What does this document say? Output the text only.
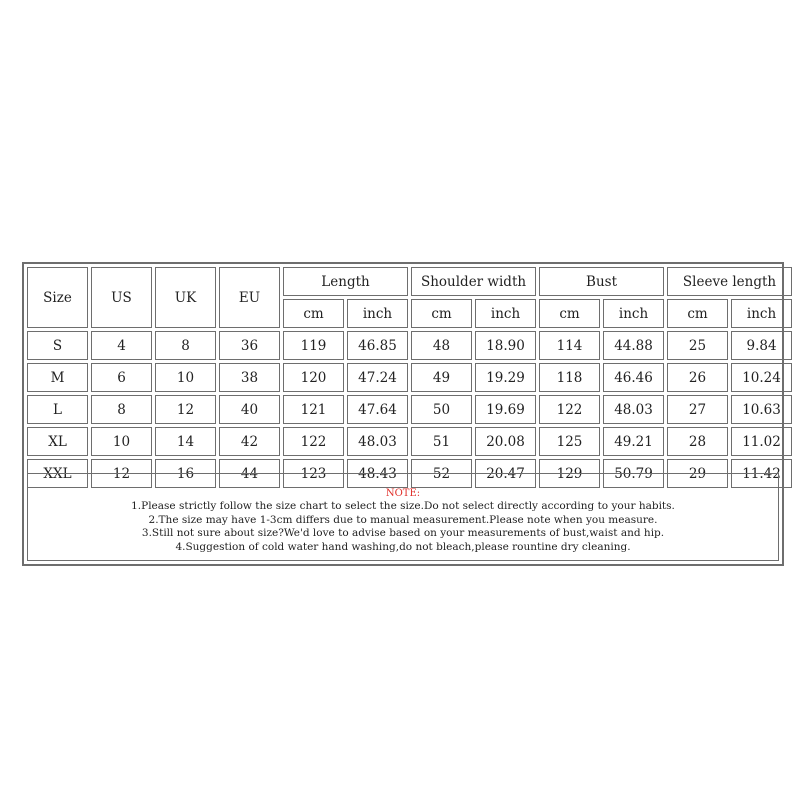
Size	US	UK	EU	Length		Shoulder width		Bust		Sleeve length	
				cm	inch	cm	inch	cm	inch	cm	inch
S	4	8	36	119	46.85	48	18.90	114	44.88	25	9.84
M	6	10	38	120	47.24	49	19.29	118	46.46	26	10.24
L	8	12	40	121	47.64	50	19.69	122	48.03	27	10.63
XL	10	14	42	122	48.03	51	20.08	125	49.21	28	11.02
XXL	12	16	44	123	48.43	52	20.47	129	50.79	29	11.42
NOTE:
1.Please strictly follow the size chart to select the size.Do not select directly according to your habits.
2.The size may have 1-3cm differs due to manual measurement.Please note when you measure.
3.Still not sure about size?We'd love to advise based on your measurements of bust,waist and hip.
4.Suggestion of cold water hand washing,do not bleach,please rountine dry cleaning.
